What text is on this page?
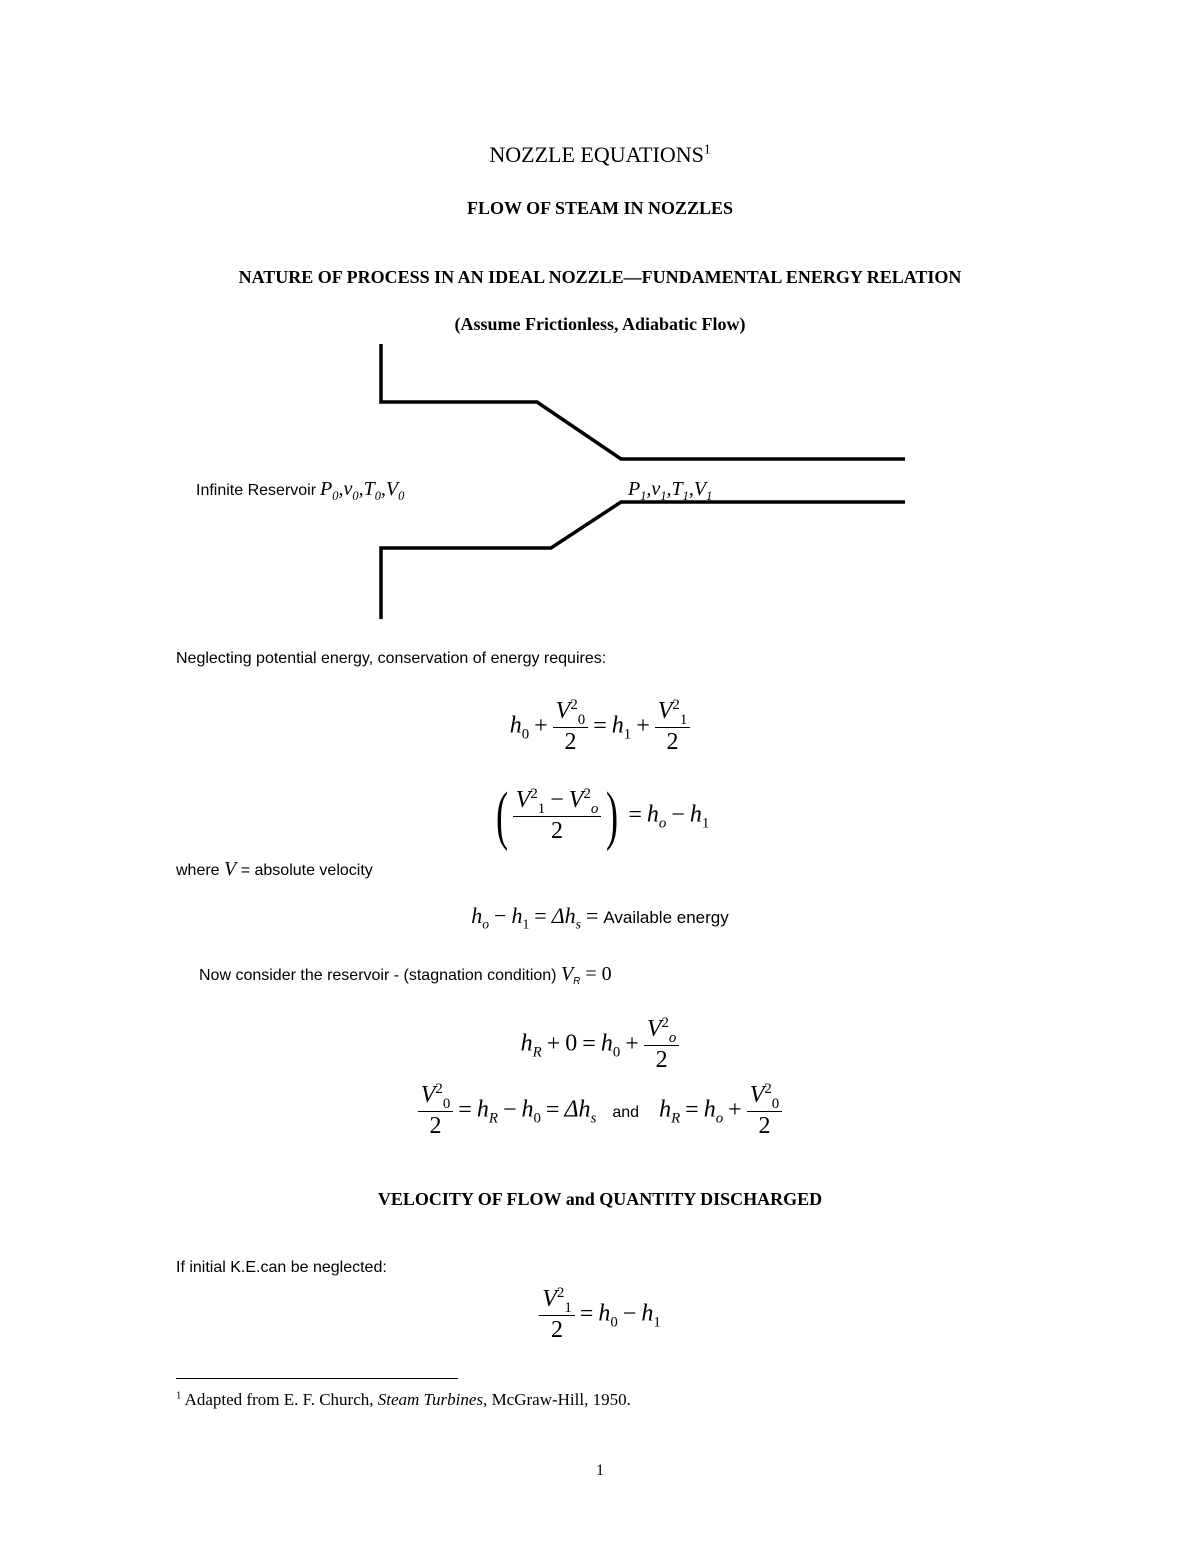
NOZZLE EQUATIONS$^1$
FLOW OF STEAM IN NOZZLES
NATURE OF PROCESS IN AN IDEAL NOZZLE—FUNDAMENTAL ENERGY RELATION
(Assume Frictionless, Adiabatic Flow)
Infinite Reservoir $P_0,v_0,T_0,V_0$	$P_1,v_1,T_1,V_1$
Neglecting potential energy, conservation of energy requires:
$h_0 + \frac{V^2_0}{2} = h_1 + \frac{V^2_1}{2}$
( $\frac{V^2_1 - V^2_o}{2}$ ) = $h_o - h_1$
where V = absolute velocity
$h_o - h_1 = \Delta h_s$ = Available energy
Now consider the reservoir - (stagnation condition) $V_R = 0$
$h_R + 0 = h_0 + \frac{V^2_o}{2}$
$\frac{V^2_0}{2} = h_R - h_0 = \Delta h_s$ and $h_R = h_o + \frac{V^2_0}{2}$
VELOCITY OF FLOW and QUANTITY DISCHARGED
If initial K.E.can be neglected:
$\frac{V^2_1}{2} = h_0 - h_1$
$^1$ Adapted from E. F. Church, Steam Turbines, McGraw-Hill, 1950.
1
